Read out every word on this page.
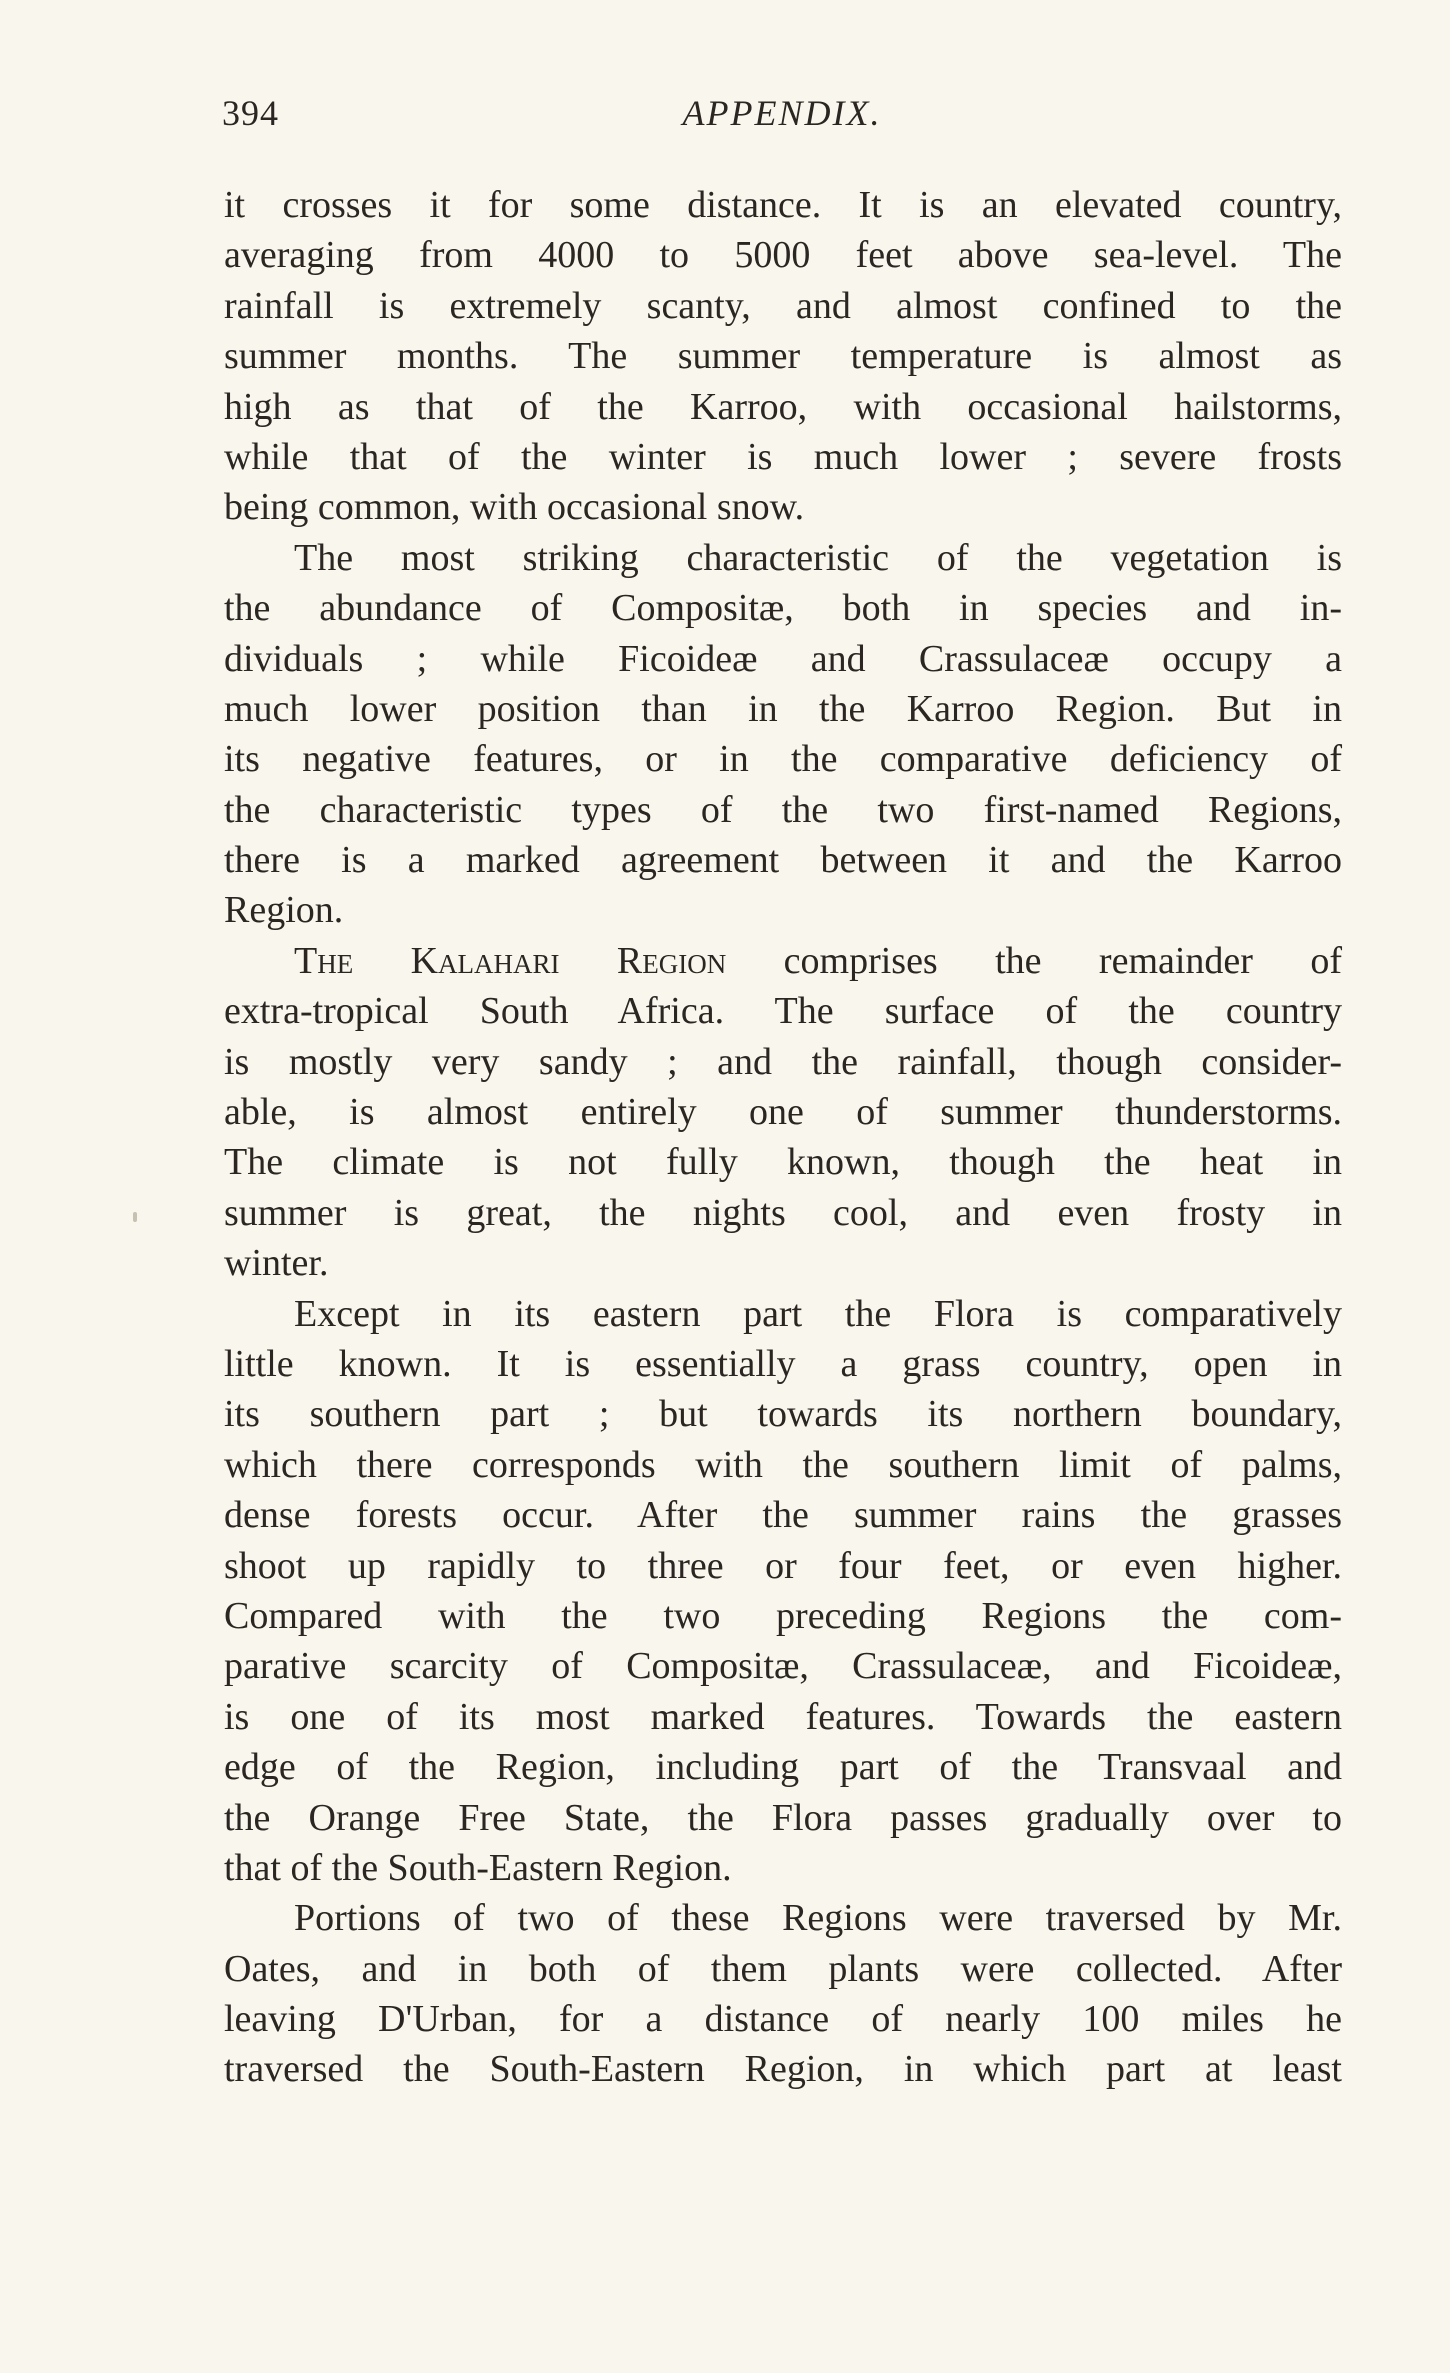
394	APPENDIX.
it crosses it for some distance. It is an elevated country,
averaging from 4000 to 5000 feet above sea-level. The
rainfall is extremely scanty, and almost confined to the
summer months. The summer temperature is almost as
high as that of the Karroo, with occasional hailstorms,
while that of the winter is much lower ; severe frosts
being common, with occasional snow.
The most striking characteristic of the vegetation is
the abundance of Compositæ, both in species and in-
dividuals ; while Ficoideæ and Crassulaceæ occupy a
much lower position than in the Karroo Region. But in
its negative features, or in the comparative deficiency of
the characteristic types of the two first-named Regions,
there is a marked agreement between it and the Karroo
Region.
The Kalahari Region comprises the remainder of
extra-tropical South Africa. The surface of the country
is mostly very sandy ; and the rainfall, though consider-
able, is almost entirely one of summer thunderstorms.
The climate is not fully known, though the heat in
summer is great, the nights cool, and even frosty in
winter.
Except in its eastern part the Flora is comparatively
little known. It is essentially a grass country, open in
its southern part ; but towards its northern boundary,
which there corresponds with the southern limit of palms,
dense forests occur. After the summer rains the grasses
shoot up rapidly to three or four feet, or even higher.
Compared with the two preceding Regions the com-
parative scarcity of Compositæ, Crassulaceæ, and Ficoideæ,
is one of its most marked features. Towards the eastern
edge of the Region, including part of the Transvaal and
the Orange Free State, the Flora passes gradually over to
that of the South-Eastern Region.
Portions of two of these Regions were traversed by Mr.
Oates, and in both of them plants were collected. After
leaving D'Urban, for a distance of nearly 100 miles he
traversed the South-Eastern Region, in which part at least
